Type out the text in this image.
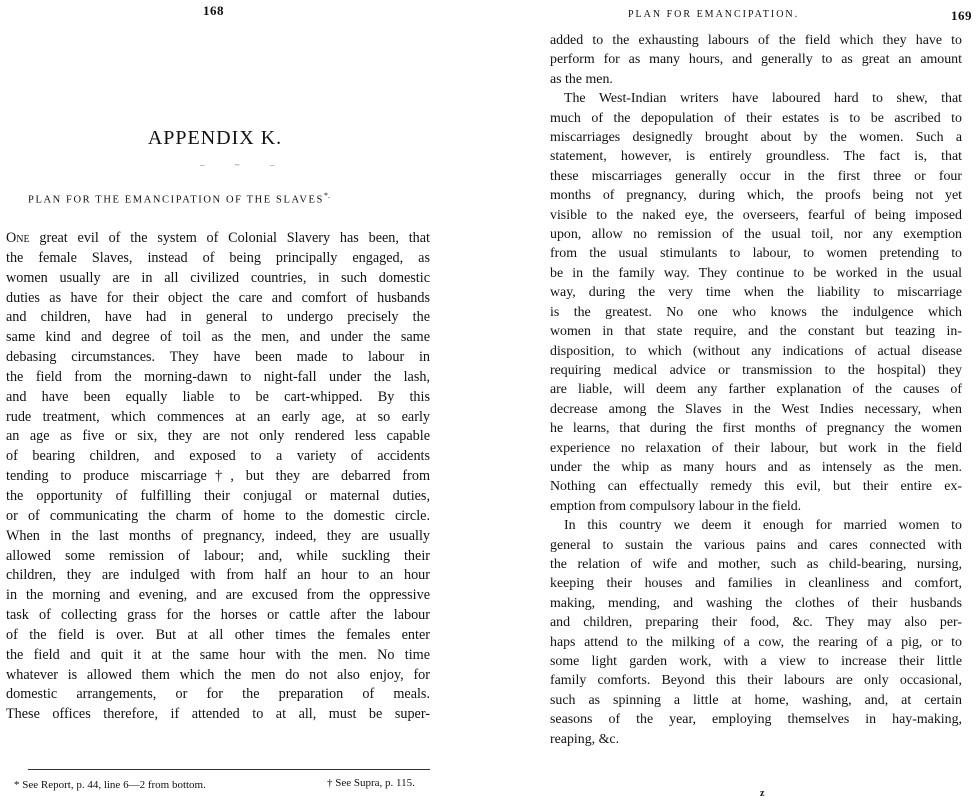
168
APPENDIX K.
– ~ –
PLAN FOR THE EMANCIPATION OF THE SLAVES*.
One great evil of the system of Colonial Slavery has been, that
the female Slaves, instead of being principally engaged, as
women usually are in all civilized countries, in such domestic
duties as have for their object the care and comfort of husbands
and children, have had in general to undergo precisely the
same kind and degree of toil as the men, and under the same
debasing circumstances. They have been made to labour in
the field from the morning-dawn to night-fall under the lash,
and have been equally liable to be cart-whipped. By this
rude treatment, which commences at an early age, at so early
an age as five or six, they are not only rendered less capable
of bearing children, and exposed to a variety of accidents
tending to produce miscarriage†, but they are debarred from
the opportunity of fulfilling their conjugal or maternal duties,
or of communicating the charm of home to the domestic circle.
When in the last months of pregnancy, indeed, they are usually
allowed some remission of labour; and, while suckling their
children, they are indulged with from half an hour to an hour
in the morning and evening, and are excused from the oppressive
task of collecting grass for the horses or cattle after the labour
of the field is over. But at all other times the females enter
the field and quit it at the same hour with the men. No time
whatever is allowed them which the men do not also enjoy, for
domestic arrangements, or for the preparation of meals.
These offices therefore, if attended to at all, must be super-
* See Report, p. 44, line 6—2 from bottom.	† See Supra, p. 115.
PLAN FOR EMANCIPATION.	169
added to the exhausting labours of the field which they have to
perform for as many hours, and generally to as great an amount
as the men.
The West-Indian writers have laboured hard to shew, that
much of the depopulation of their estates is to be ascribed to
miscarriages designedly brought about by the women. Such a
statement, however, is entirely groundless. The fact is, that
these miscarriages generally occur in the first three or four
months of pregnancy, during which, the proofs being not yet
visible to the naked eye, the overseers, fearful of being imposed
upon, allow no remission of the usual toil, nor any exemption
from the usual stimulants to labour, to women pretending to
be in the family way. They continue to be worked in the usual
way, during the very time when the liability to miscarriage
is the greatest. No one who knows the indulgence which
women in that state require, and the constant but teazing in-
disposition, to which (without any indications of actual disease
requiring medical advice or transmission to the hospital) they
are liable, will deem any farther explanation of the causes of
decrease among the Slaves in the West Indies necessary, when
he learns, that during the first months of pregnancy the women
experience no relaxation of their labour, but work in the field
under the whip as many hours and as intensely as the men.
Nothing can effectually remedy this evil, but their entire ex-
emption from compulsory labour in the field.
In this country we deem it enough for married women to
general to sustain the various pains and cares connected with
the relation of wife and mother, such as child-bearing, nursing,
keeping their houses and families in cleanliness and comfort,
making, mending, and washing the clothes of their husbands
and children, preparing their food, &c. They may also per-
haps attend to the milking of a cow, the rearing of a pig, or to
some light garden work, with a view to increase their little
family comforts. Beyond this their labours are only occasional,
such as spinning a little at home, washing, and, at certain
seasons of the year, employing themselves in hay-making,
reaping, &c.
z
